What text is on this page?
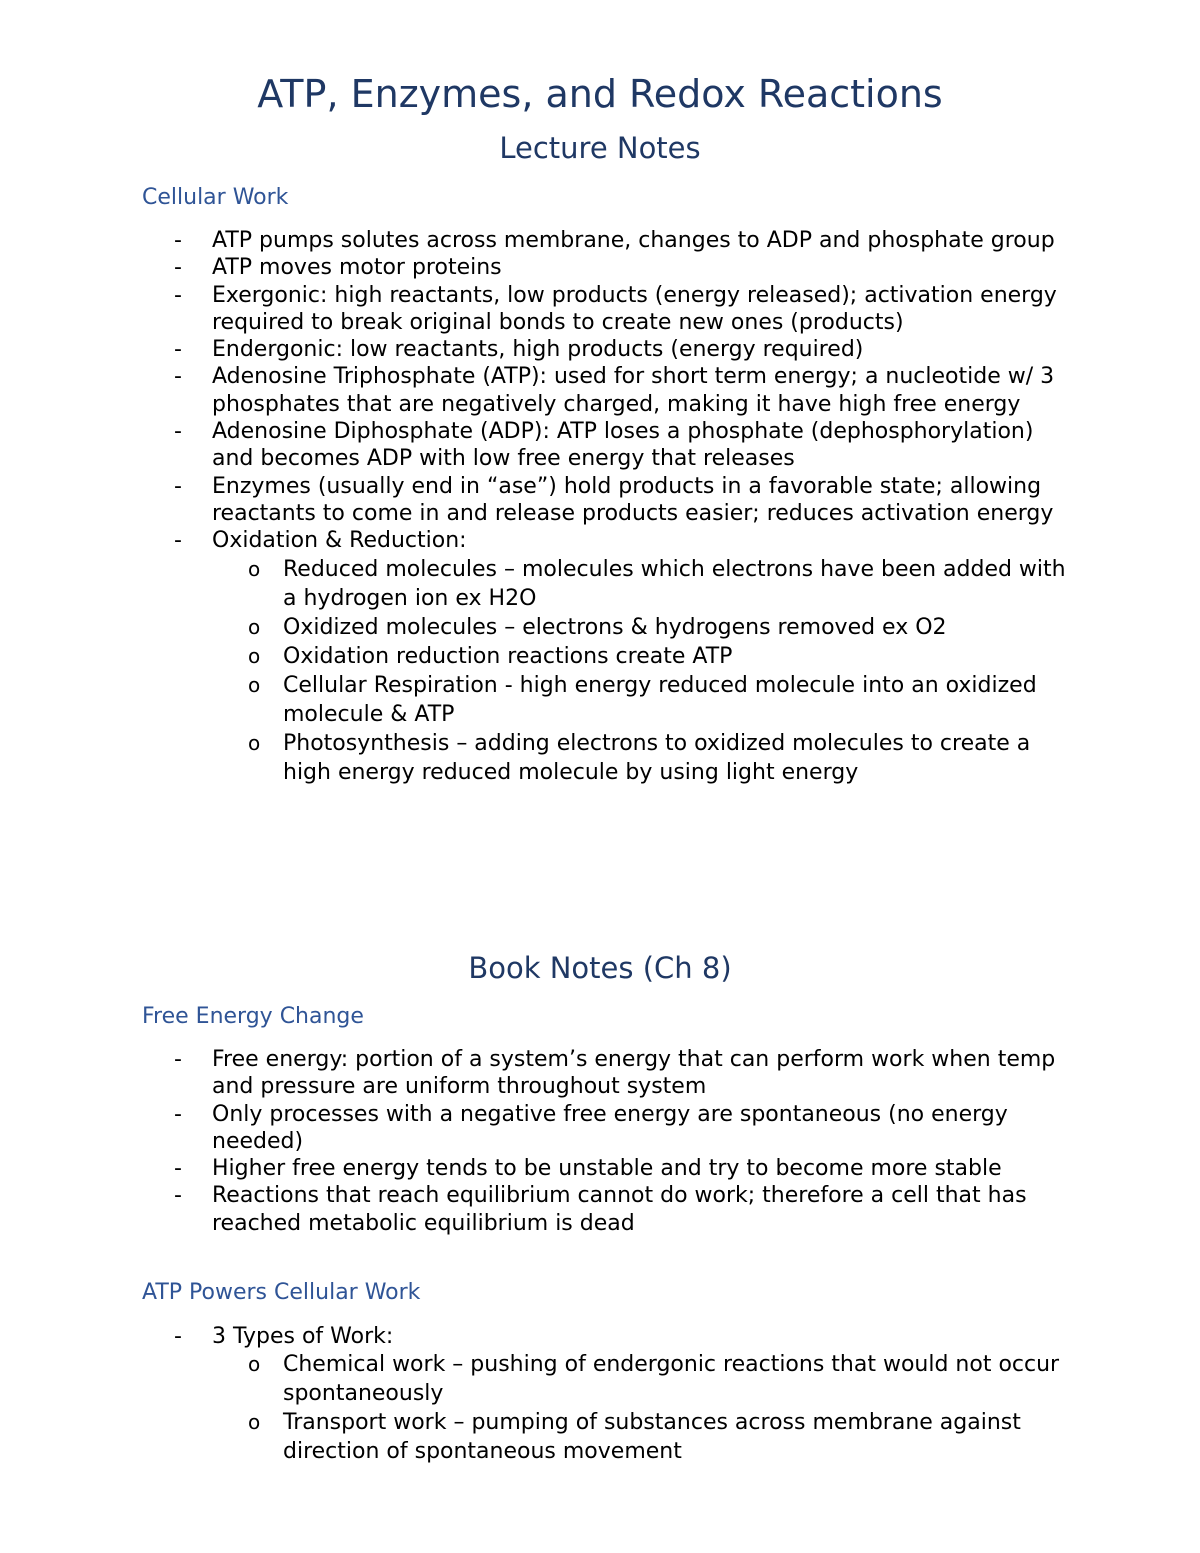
ATP, Enzymes, and Redox Reactions
Lecture Notes
Cellular Work
- ATP pumps solutes across membrane, changes to ADP and phosphate group
- ATP moves motor proteins
- Exergonic: high reactants, low products (energy released); activation energy required to break original bonds to create new ones (products)
- Endergonic: low reactants, high products (energy required)
- Adenosine Triphosphate (ATP): used for short term energy; a nucleotide w/ 3 phosphates that are negatively charged, making it have high free energy
- Adenosine Diphosphate (ADP): ATP loses a phosphate (dephosphorylation) and becomes ADP with low free energy that releases
- Enzymes (usually end in “ase”) hold products in a favorable state; allowing reactants to come in and release products easier; reduces activation energy
- Oxidation & Reduction:
o Reduced molecules – molecules which electrons have been added with a hydrogen ion ex H2O
o Oxidized molecules – electrons & hydrogens removed ex O2
o Oxidation reduction reactions create ATP
o Cellular Respiration - high energy reduced molecule into an oxidized molecule & ATP
o Photosynthesis – adding electrons to oxidized molecules to create a high energy reduced molecule by using light energy
Book Notes (Ch 8)
Free Energy Change
- Free energy: portion of a system’s energy that can perform work when temp and pressure are uniform throughout system
- Only processes with a negative free energy are spontaneous (no energy needed)
- Higher free energy tends to be unstable and try to become more stable
- Reactions that reach equilibrium cannot do work; therefore a cell that has reached metabolic equilibrium is dead
ATP Powers Cellular Work
- 3 Types of Work:
o Chemical work – pushing of endergonic reactions that would not occur spontaneously
o Transport work – pumping of substances across membrane against direction of spontaneous movement
